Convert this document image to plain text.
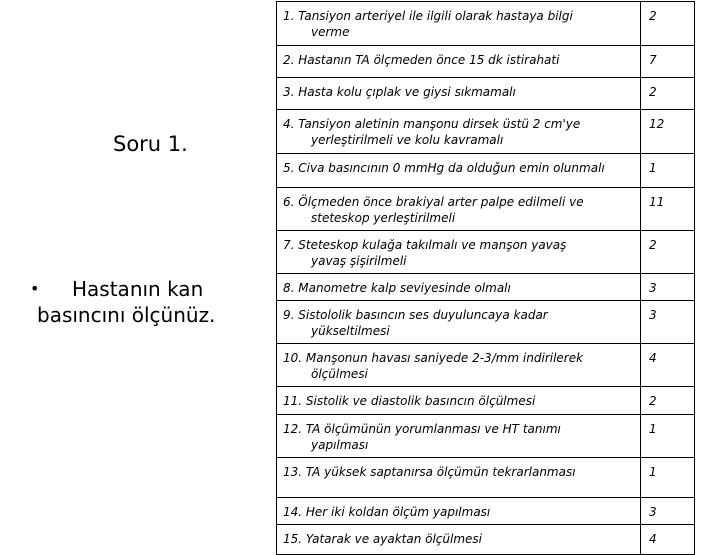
Soru 1.
• Hastanın kan
basıncını ölçünüz.
1. Tansiyon arteriyel ile ilgili olarak hastaya bilgi
verme	2

2. Hastanın TA ölçmeden önce 15 dk istirahati	7

3. Hasta kolu çıplak ve giysi sıkmamalı	2

4. Tansiyon aletinin manşonu dirsek üstü 2 cm'ye
yerleştirilmeli ve kolu kavramalı	12

5. Civa basıncının 0 mmHg da olduğun emin olunmalı	1

6. Ölçmeden önce brakiyal arter palpe edilmeli ve
steteskop yerleştirilmeli	11

7. Steteskop kulağa takılmalı ve manşon yavaş
yavaş şişirilmeli	2

8. Manometre kalp seviyesinde olmalı	3

9. Sistololik basıncın ses duyuluncaya kadar
yükseltilmesi	3

10. Manşonun havası saniyede 2-3/mm indirilerek
ölçülmesi	4

11. Sistolik ve diastolik basıncın ölçülmesi	2

12. TA ölçümünün yorumlanması ve HT tanımı
yapılması	1

13. TA yüksek saptanırsa ölçümün tekrarlanması	1

14. Her iki koldan ölçüm yapılması	3

15. Yatarak ve ayaktan ölçülmesi	4
